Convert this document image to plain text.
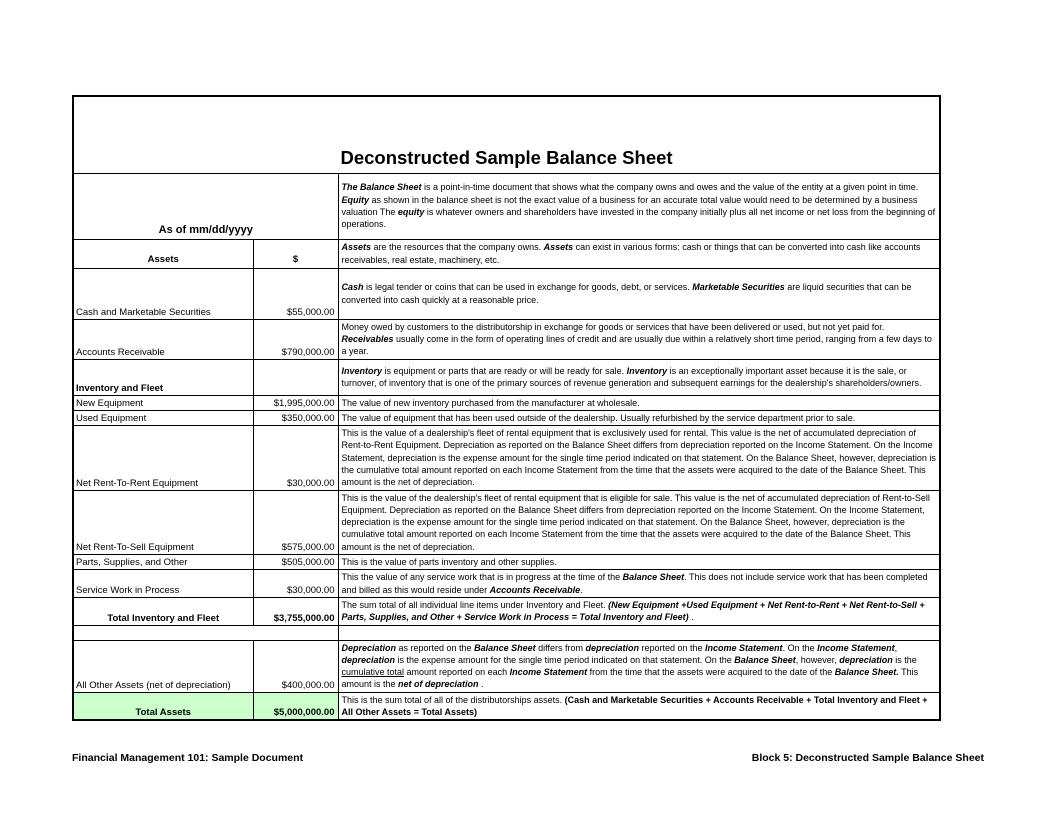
Deconstructed Sample Balance Sheet		
As of mm/dd/yyyy		The Balance Sheet is a point-in-time document that shows what the company owns and owes and the value of the entity at a given point in time. Equity as shown in the balance sheet is not the exact value of a business for an accurate total value would need to be determined by a business valuation The equity is whatever owners and shareholders have invested in the company initially plus all net income or net loss from the beginning of operations.
Assets	$	Assets are the resources that the company owns. Assets can exist in various forms: cash or things that can be converted into cash like accounts receivables, real estate, machinery, etc.
Cash and Marketable Securities	$55,000.00	Cash is legal tender or coins that can be used in exchange for goods, debt, or services. Marketable Securities are liquid securities that can be converted into cash quickly at a reasonable price.
Accounts Receivable	$790,000.00	Money owed by customers to the distributorship in exchange for goods or services that have been delivered or used, but not yet paid for. Receivables usually come in the form of operating lines of credit and are usually due within a relatively short time period, ranging from a few days to a year.
Inventory and Fleet		Inventory is equipment or parts that are ready or will be ready for sale. Inventory is an exceptionally important asset because it is the sale, or turnover, of inventory that is one of the primary sources of revenue generation and subsequent earnings for the dealership's shareholders/owners.
New Equipment	$1,995,000.00	The value of new inventory purchased from the manufacturer at wholesale.
Used Equipment	$350,000.00	The value of equipment that has been used outside of the dealership. Usually refurbished by the service department prior to sale.
Net Rent-To-Rent Equipment	$30,000.00	This is the value of a dealership's fleet of rental equipment that is exclusively used for rental. This value is the net of accumulated depreciation of Rent-to-Rent Equipment. Depreciation as reported on the Balance Sheet differs from depreciation reported on the Income Statement. On the Income Statement, depreciation is the expense amount for the single time period indicated on that statement. On the Balance Sheet, however, depreciation is the cumulative total amount reported on each Income Statement from the time that the assets were acquired to the date of the Balance Sheet. This amount is the net of depreciation.
Net Rent-To-Sell Equipment	$575,000.00	This is the value of the dealership's fleet of rental equipment that is eligible for sale. This value is the net of accumulated depreciation of Rent-to-Sell Equipment. Depreciation as reported on the Balance Sheet differs from depreciation reported on the Income Statement. On the Income Statement, depreciation is the expense amount for the single time period indicated on that statement. On the Balance Sheet, however, depreciation is the cumulative total amount reported on each Income Statement from the time that the assets were acquired to the date of the Balance Sheet. This amount is the net of depreciation.
Parts, Supplies, and Other	$505,000.00	This is the value of parts inventory and other supplies.
Service Work in Process	$30,000.00	This the value of any service work that is in progress at the time of the Balance Sheet. This does not include service work that has been completed and billed as this would reside under Accounts Receivable.
Total Inventory and Fleet	$3,755,000.00	The sum total of all individual line items under Inventory and Fleet. (New Equipment +Used Equipment + Net Rent-to-Rent + Net Rent-to-Sell + Parts, Supplies, and Other + Service Work in Process = Total Inventory and Fleet) .

All Other Assets (net of depreciation)	$400,000.00	Depreciation as reported on the Balance Sheet differs from depreciation reported on the Income Statement. On the Income Statement, depreciation is the expense amount for the single time period indicated on that statement. On the Balance Sheet, however, depreciation is the cumulative total amount reported on each Income Statement from the time that the assets were acquired to the date of the Balance Sheet. This amount is the net of depreciation .
Total Assets	$5,000,000.00	This is the sum total of all of the distributorships assets. (Cash and Marketable Securities + Accounts Receivable + Total Inventory and Fleet + All Other Assets = Total Assets)
Financial Management 101: Sample Document	Block 5: Deconstructed Sample Balance Sheet
